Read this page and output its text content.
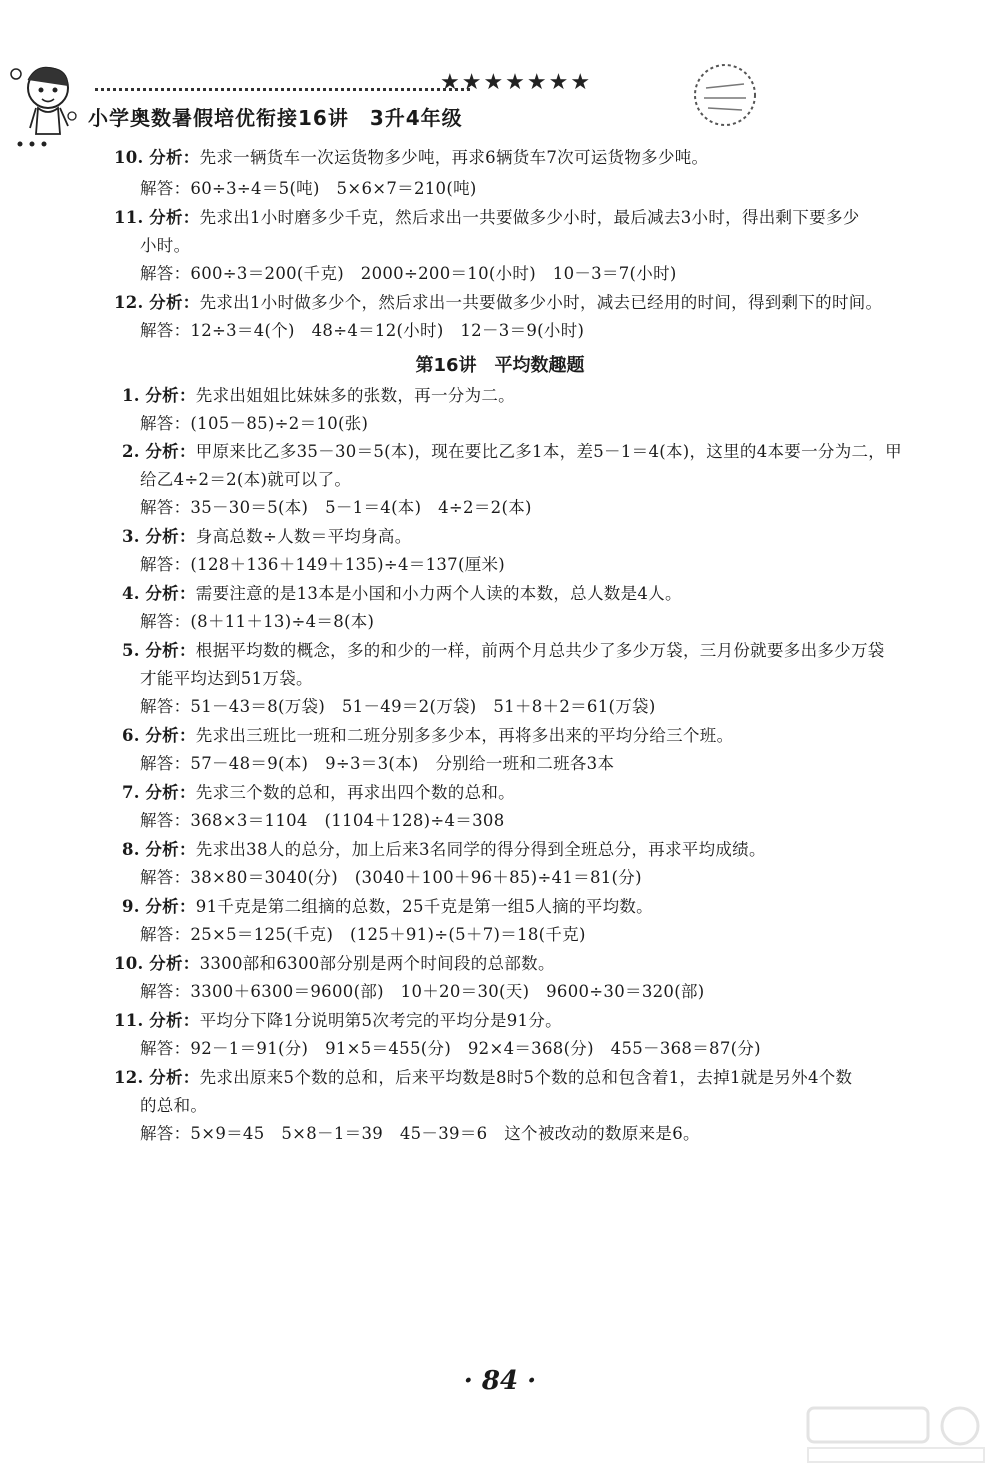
★★★★★★★
小学奥数暑假培优衔接16讲　3升4年级
10. 分析：先求一辆货车一次运货物多少吨，再求6辆货车7次可运货物多少吨。
解答：60÷3÷4＝5(吨)　5×6×7＝210(吨)
11. 分析：先求出1小时磨多少千克，然后求出一共要做多少小时，最后减去3小时，得出剩下要多少
小时。
解答：600÷3＝200(千克)　2000÷200＝10(小时)　10－3＝7(小时)
12. 分析：先求出1小时做多少个，然后求出一共要做多少小时，减去已经用的时间，得到剩下的时间。
解答：12÷3＝4(个)　48÷4＝12(小时)　12－3＝9(小时)
第16讲　平均数趣题
1. 分析：先求出姐姐比妹妹多的张数，再一分为二。
解答：(105－85)÷2＝10(张)
2. 分析：甲原来比乙多35－30＝5(本)，现在要比乙多1本，差5－1＝4(本)，这里的4本要一分为二，甲
给乙4÷2＝2(本)就可以了。
解答：35－30＝5(本)　5－1＝4(本)　4÷2＝2(本)
3. 分析：身高总数÷人数＝平均身高。
解答：(128＋136＋149＋135)÷4＝137(厘米)
4. 分析：需要注意的是13本是小国和小力两个人读的本数，总人数是4人。
解答：(8＋11＋13)÷4＝8(本)
5. 分析：根据平均数的概念，多的和少的一样，前两个月总共少了多少万袋，三月份就要多出多少万袋
才能平均达到51万袋。
解答：51－43＝8(万袋)　51－49＝2(万袋)　51＋8＋2＝61(万袋)
6. 分析：先求出三班比一班和二班分别多多少本，再将多出来的平均分给三个班。
解答：57－48＝9(本)　9÷3＝3(本)　分别给一班和二班各3本
7. 分析：先求三个数的总和，再求出四个数的总和。
解答：368×3＝1104　(1104＋128)÷4＝308
8. 分析：先求出38人的总分，加上后来3名同学的得分得到全班总分，再求平均成绩。
解答：38×80＝3040(分)　(3040＋100＋96＋85)÷41＝81(分)
9. 分析：91千克是第二组摘的总数，25千克是第一组5人摘的平均数。
解答：25×5＝125(千克)　(125＋91)÷(5＋7)＝18(千克)
10. 分析：3300部和6300部分别是两个时间段的总部数。
解答：3300＋6300＝9600(部)　10＋20＝30(天)　9600÷30＝320(部)
11. 分析：平均分下降1分说明第5次考完的平均分是91分。
解答：92－1＝91(分)　91×5＝455(分)　92×4＝368(分)　455－368＝87(分)
12. 分析：先求出原来5个数的总和，后来平均数是8时5个数的总和包含着1，去掉1就是另外4个数
的总和。
解答：5×9＝45　5×8－1＝39　45－39＝6　这个被改动的数原来是6。

· 84 ·
